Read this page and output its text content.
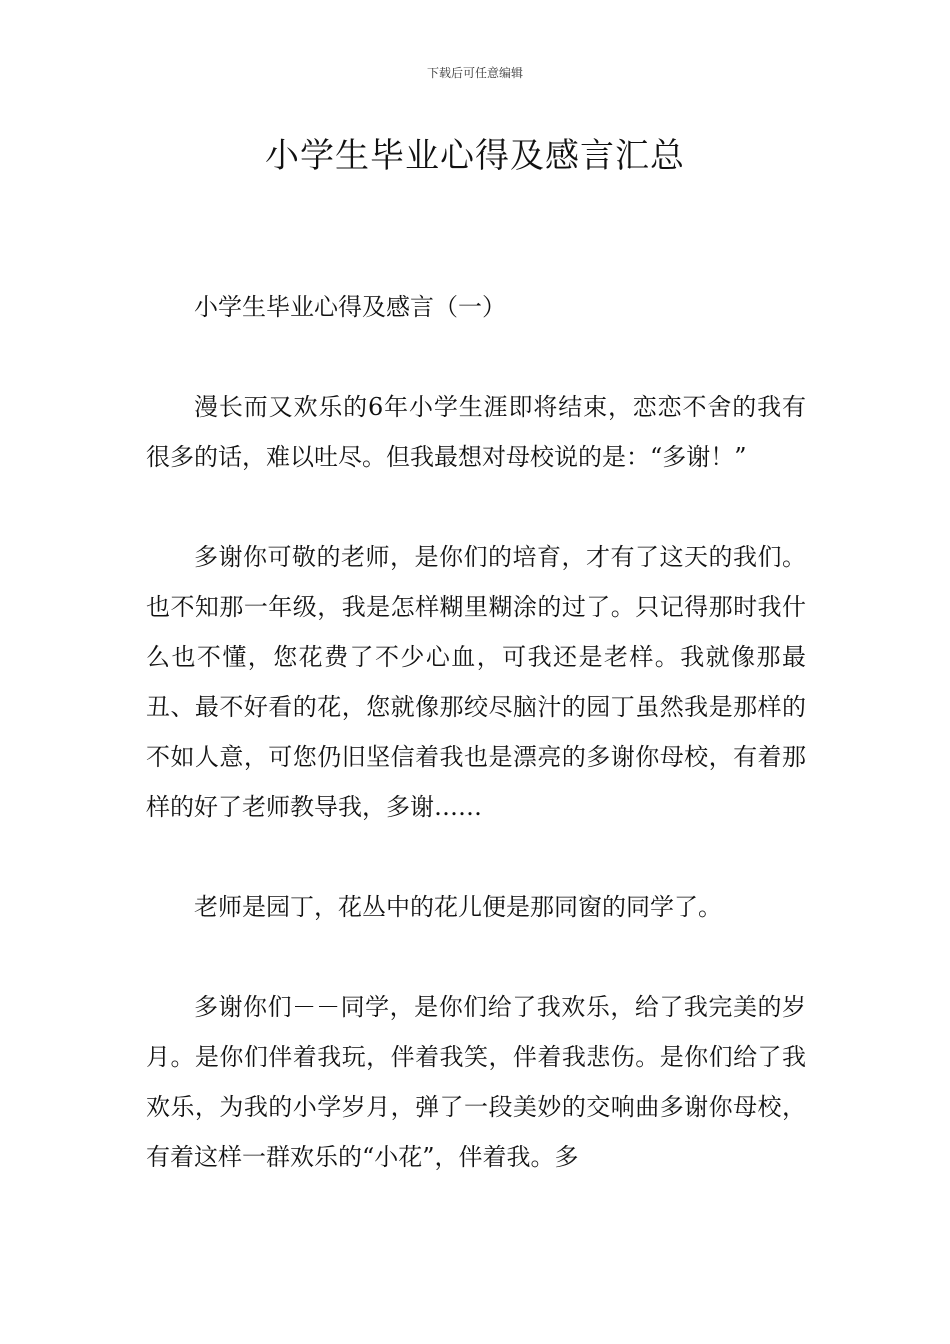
下载后可任意编辑
小学生毕业心得及感言汇总

小学生毕业心得及感言（一）

漫长而又欢乐的6年小学生涯即将结束，恋恋不舍的我有很多的话，难以吐尽。但我最想对母校说的是：“多谢！”

多谢你可敬的老师，是你们的培育，才有了这天的我们。也不知那一年级，我是怎样糊里糊涂的过了。只记得那时我什么也不懂，您花费了不少心血，可我还是老样。我就像那最丑、最不好看的花，您就像那绞尽脑汁的园丁虽然我是那样的不如人意，可您仍旧坚信着我也是漂亮的多谢你母校，有着那样的好了老师教导我，多谢……

老师是园丁，花丛中的花儿便是那同窗的同学了。

多谢你们－－同学，是你们给了我欢乐，给了我完美的岁月。是你们伴着我玩，伴着我笑，伴着我悲伤。是你们给了我欢乐，为我的小学岁月，弹了一段美妙的交响曲多谢你母校，有着这样一群欢乐的“小花”，伴着我。多
